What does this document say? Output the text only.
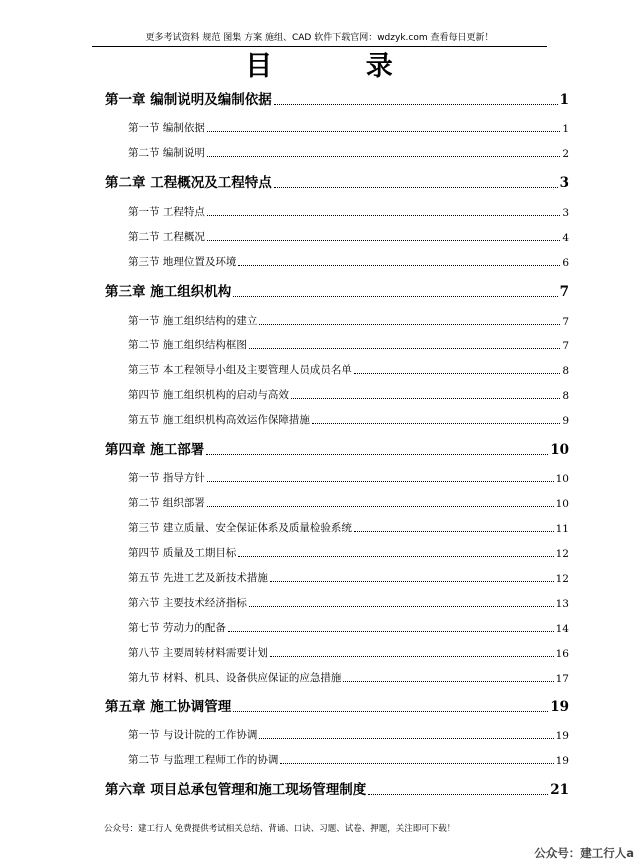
更多考试资料 规范 图集 方案 施组、CAD 软件下载官网：wdzyk.com 查看每日更新！
目 录
第一章 编制说明及编制依据	1
第一节 编制依据	1
第二节 编制说明	2
第二章 工程概况及工程特点	3
第一节 工程特点	3
第二节 工程概况	4
第三节 地理位置及环境	6
第三章 施工组织机构	7
第一节 施工组织结构的建立	7
第二节 施工组织结构框图	7
第三节 本工程领导小组及主要管理人员成员名单	8
第四节 施工组织机构的启动与高效	8
第五节 施工组织机构高效运作保障措施	9
第四章 施工部署	10
第一节 指导方针	10
第二节 组织部署	10
第三节 建立质量、安全保证体系及质量检验系统	11
第四节 质量及工期目标	12
第五节 先进工艺及新技术措施	12
第六节 主要技术经济指标	13
第七节 劳动力的配备	14
第八节 主要周转材料需要计划	16
第九节 材料、机具、设备供应保证的应急措施	17
第五章 施工协调管理	19
第一节 与设计院的工作协调	19
第二节 与监理工程师工作的协调	19
第六章 项目总承包管理和施工现场管理制度	21
公众号：建工行人 免费提供考试相关总结、背诵、口诀、习题、试卷、押题，关注即可下载！
公众号：建工行人a
